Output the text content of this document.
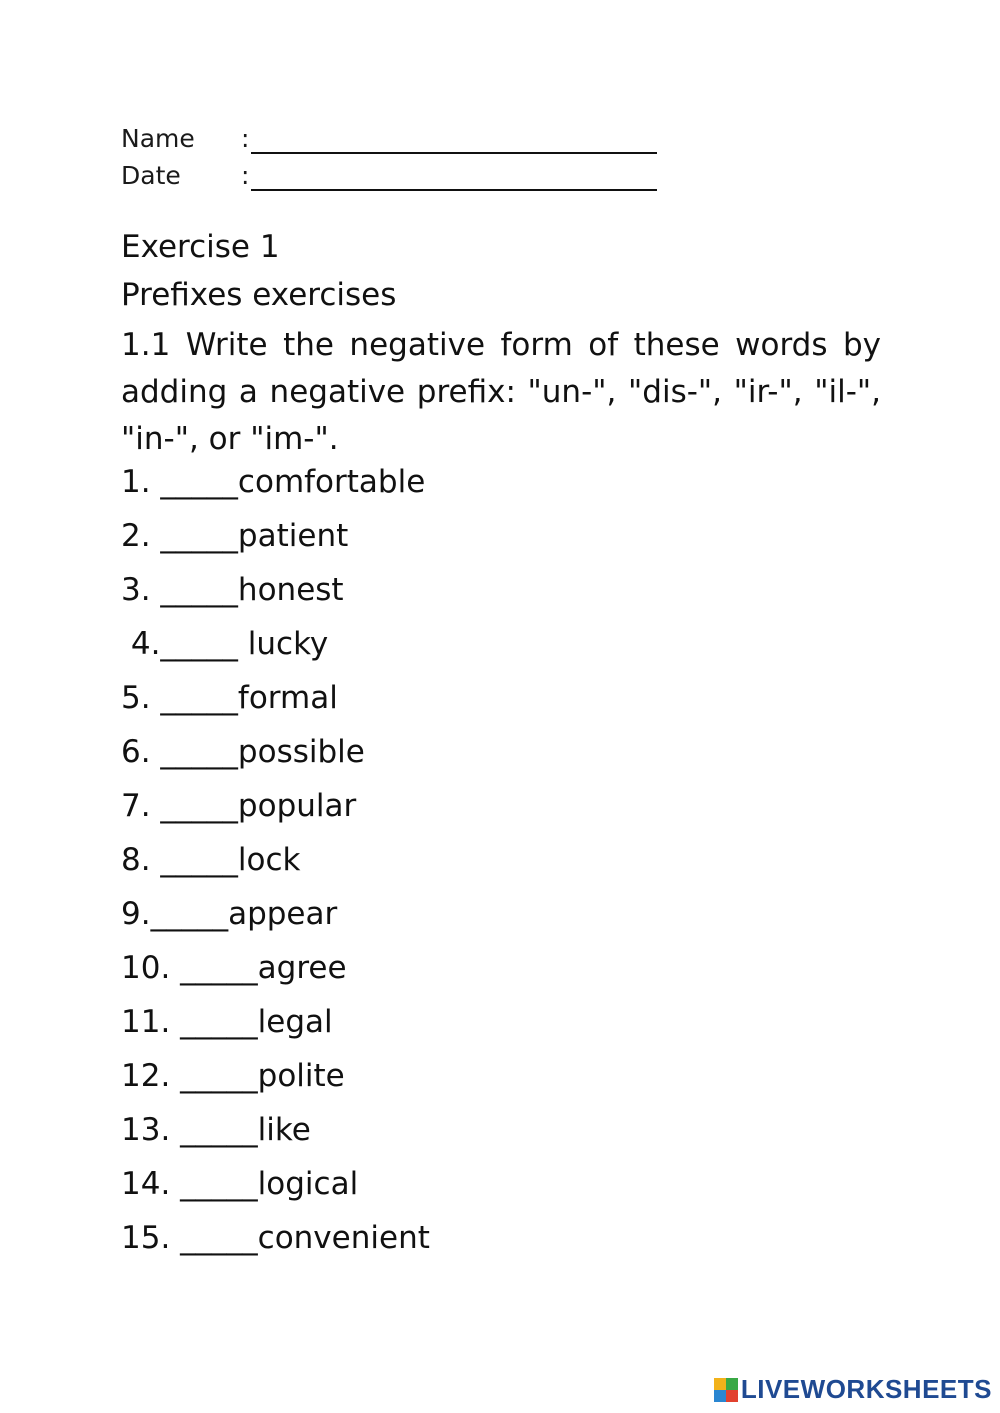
Name	:
Date	:
Exercise 1
Prefixes exercises
1.1 Write the negative form of these words by adding a negative prefix: "un-", "dis-", "ir-", "il-", "in-", or "im-".
1. _____comfortable
2. _____patient
3. _____honest
4._____ lucky
5. _____formal
6. _____possible
7. _____popular
8. _____lock
9._____appear
10. _____agree
11. _____legal
12. _____polite
13. _____like
14. _____logical
15. _____convenient
LIVEWORKSHEETS
